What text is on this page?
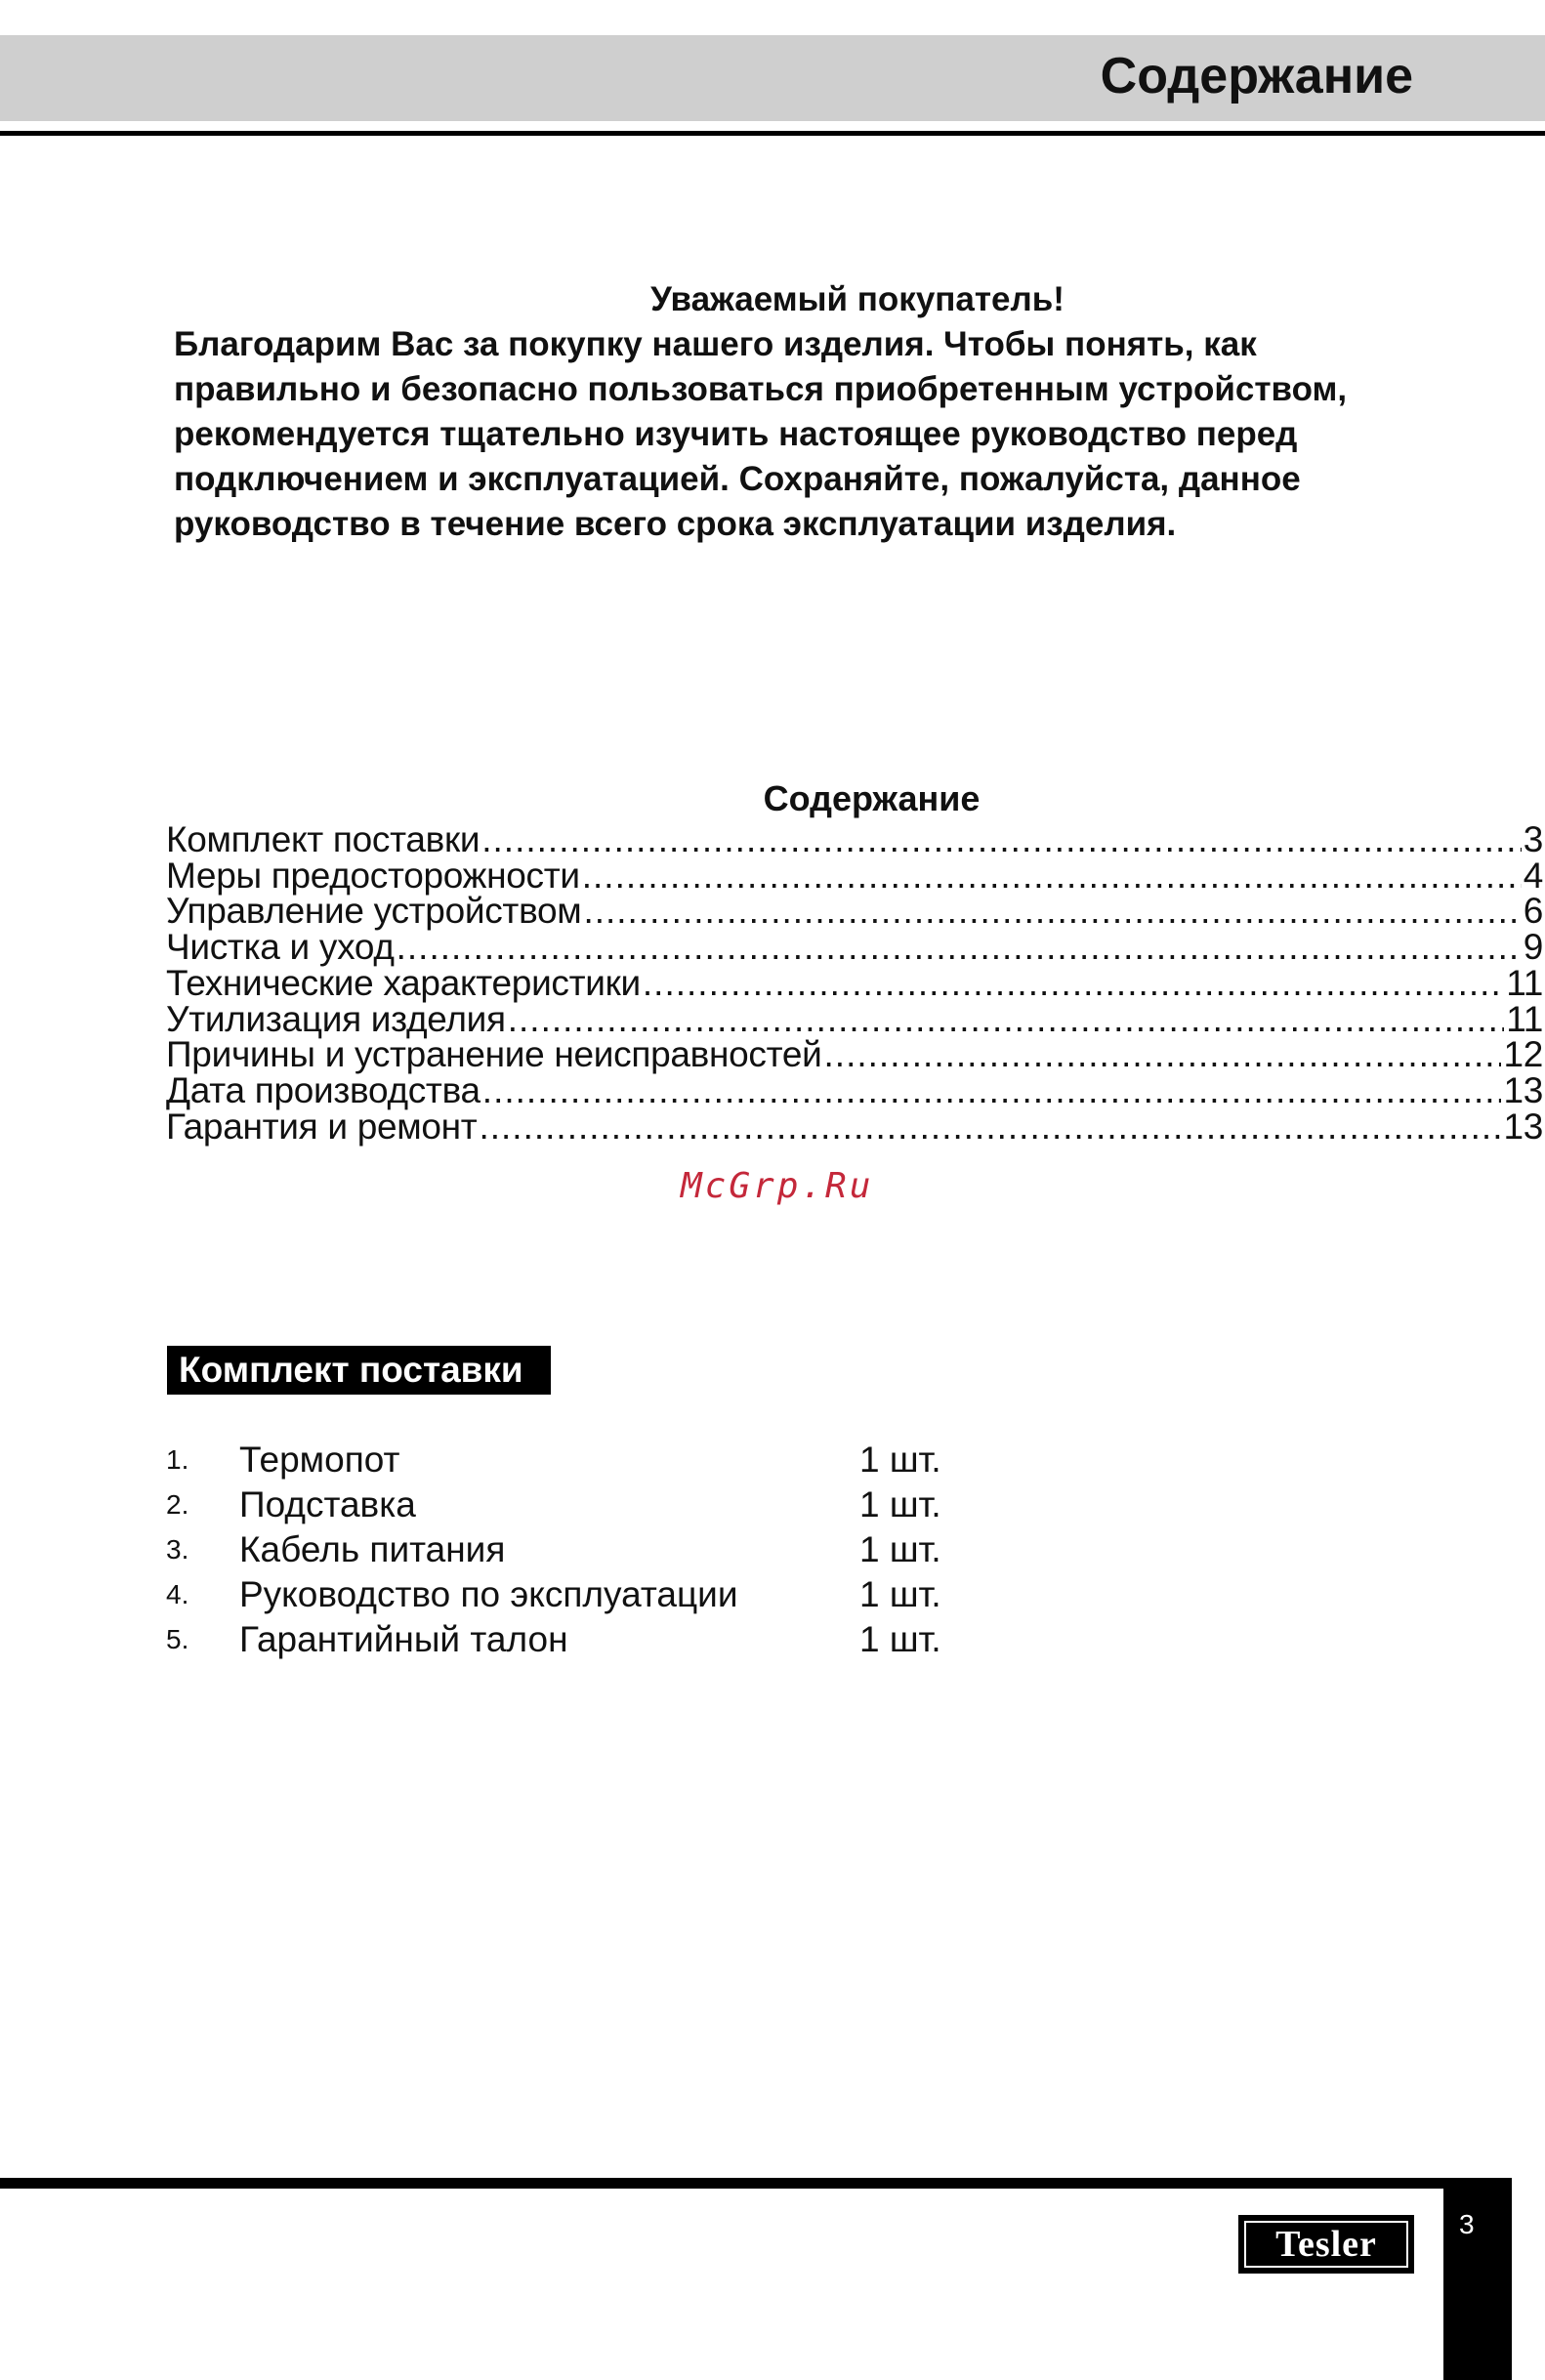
Содержание
Уважаемый покупатель!
Благодарим Вас за покупку нашего изделия. Чтобы понять, как
правильно и безопасно пользоваться приобретенным устройством,
рекомендуется тщательно изучить настоящее руководство перед
подключением и эксплуатацией. Сохраняйте, пожалуйста, данное
руководство в течение всего срока эксплуатации изделия.
Содержание
Комплект поставки .....	3
Меры предосторожности .....	4
Управление устройством .....	6
Чистка и уход .....	9
Технические характеристики .....	11
Утилизация изделия .....	11
Причины и устранение неисправностей .....	12
Дата производства .....	13
Гарантия и ремонт .....	13
McGrp.Ru
Комплект поставки
1. Термопот	1 шт.
2. Подставка	1 шт.
3. Кабель питания	1 шт.
4. Руководство по эксплуатации	1 шт.
5. Гарантийный талон	1 шт.
3
Tesler
